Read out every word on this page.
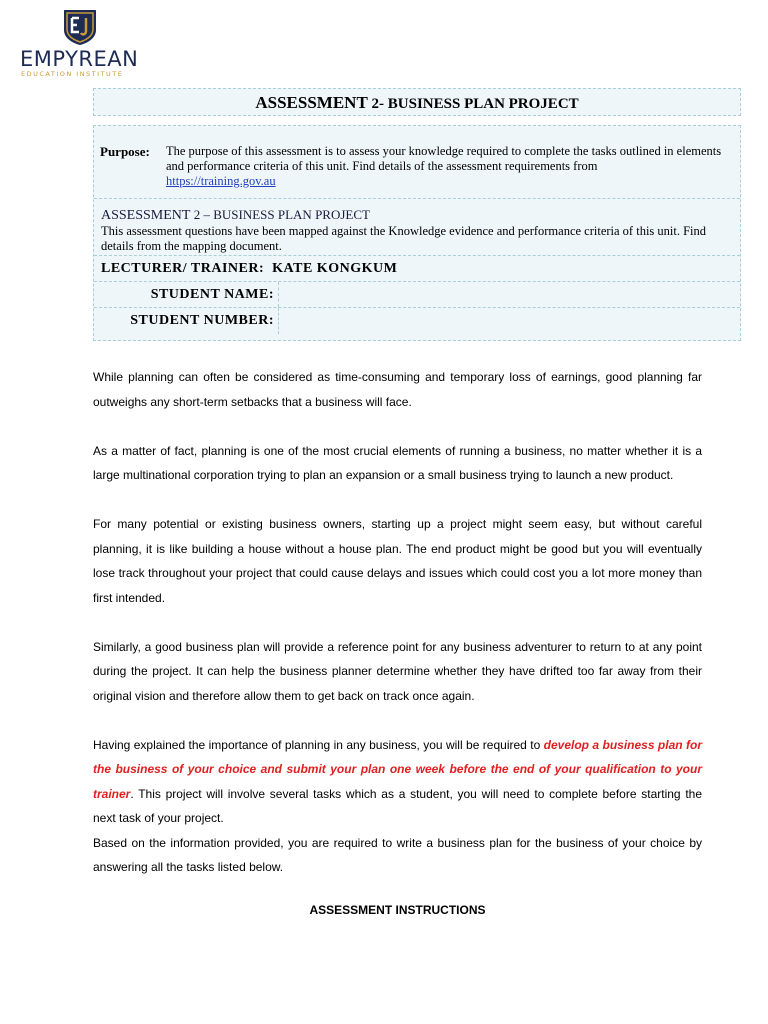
EMPYREAN
EDUCATION INSTITUTE
ASSESSMENT 2- BUSINESS PLAN PROJECT
Purpose: The purpose of this assessment is to assess your knowledge required to complete the tasks outlined in elements and performance criteria of this unit. Find details of the assessment requirements from
https://training.gov.au
ASSESSMENT 2 – BUSINESS PLAN PROJECT
This assessment questions have been mapped against the Knowledge evidence and performance criteria of this unit. Find details from the mapping document.
LECTURER/ TRAINER: KATE KONGKUM
STUDENT NAME:
STUDENT NUMBER:

While planning can often be considered as time-consuming and temporary loss of earnings, good planning far outweighs any short-term setbacks that a business will face.

As a matter of fact, planning is one of the most crucial elements of running a business, no matter whether it is a large multinational corporation trying to plan an expansion or a small business trying to launch a new product.

For many potential or existing business owners, starting up a project might seem easy, but without careful planning, it is like building a house without a house plan. The end product might be good but you will eventually lose track throughout your project that could cause delays and issues which could cost you a lot more money than first intended.

Similarly, a good business plan will provide a reference point for any business adventurer to return to at any point during the project. It can help the business planner determine whether they have drifted too far away from their original vision and therefore allow them to get back on track once again.

Having explained the importance of planning in any business, you will be required to develop a business plan for the business of your choice and submit your plan one week before the end of your qualification to your trainer. This project will involve several tasks which as a student, you will need to complete before starting the next task of your project.

Based on the information provided, you are required to write a business plan for the business of your choice by answering all the tasks listed below.

ASSESSMENT INSTRUCTIONS
